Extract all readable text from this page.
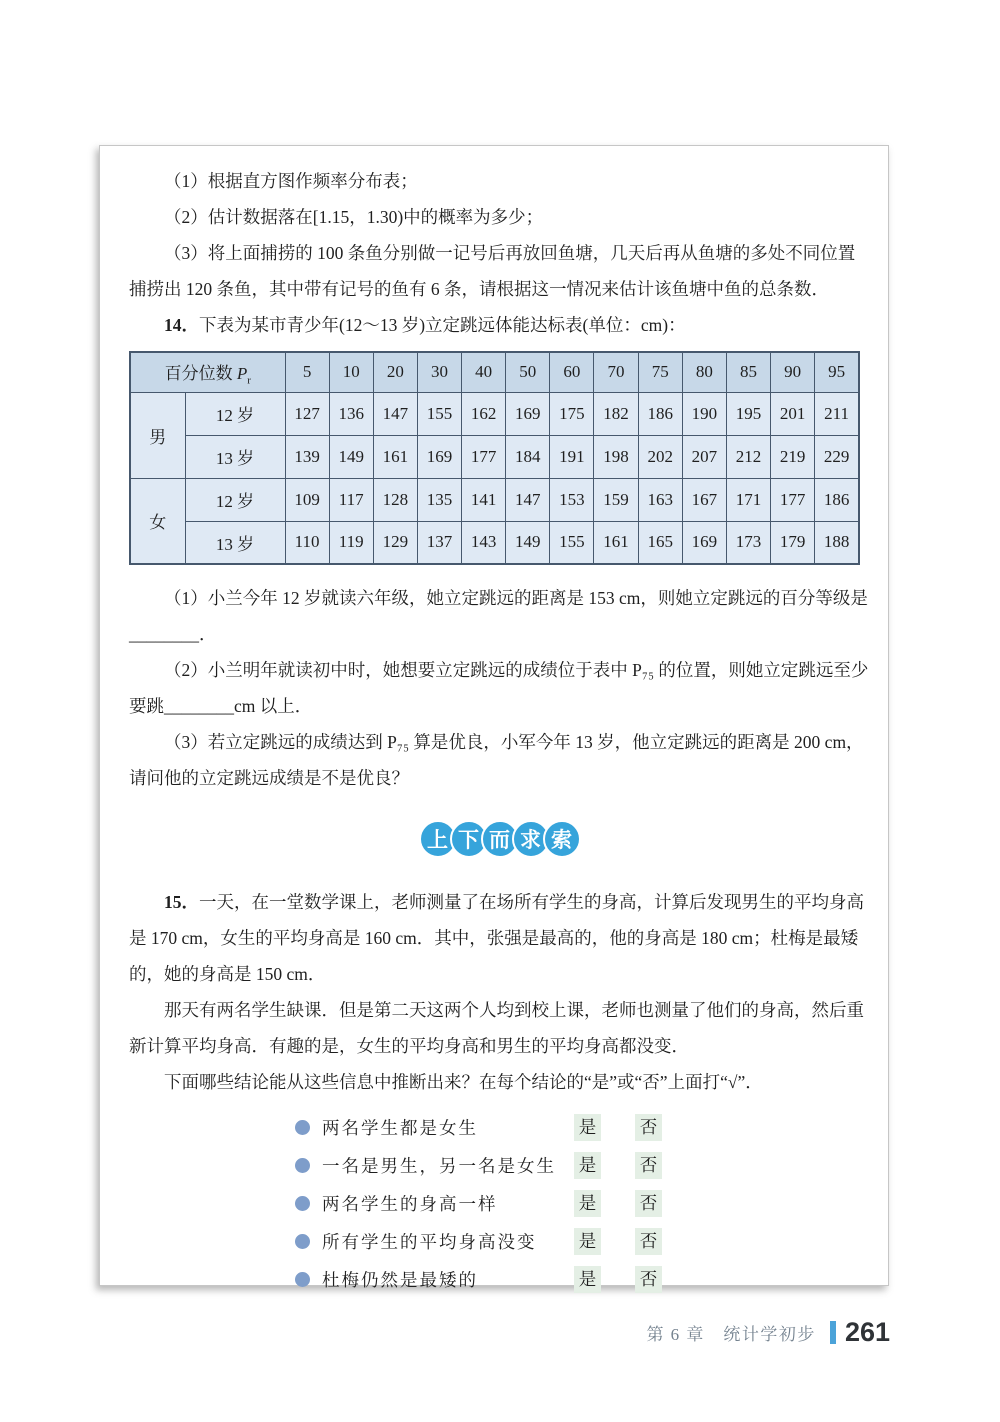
（1）根据直方图作频率分布表；

（2）估计数据落在[1.15，1.30)中的概率为多少；

（3）将上面捕捞的 100 条鱼分别做一记号后再放回鱼塘，几天后再从鱼塘的多处不同位置捕捞出 120 条鱼，其中带有记号的鱼有 6 条，请根据这一情况来估计该鱼塘中鱼的总条数．

14．下表为某市青少年(12～13 岁)立定跳远体能达标表(单位：cm)：

百分位数 $P_r$		5	10	20	30	40	50	60	70	75	80	85	90	95
男	12 岁	127	136	147	155	162	169	175	182	186	190	195	201	211
	13 岁	139	149	161	169	177	184	191	198	202	207	212	219	229
女	12 岁	109	117	128	135	141	147	153	159	163	167	171	177	186
	13 岁	110	119	129	137	143	149	155	161	165	169	173	179	188

（1）小兰今年 12 岁就读六年级，她立定跳远的距离是 153 cm，则她立定跳远的百分等级是________．

（2）小兰明年就读初中时，她想要立定跳远的成绩位于表中 P₇₅ 的位置，则她立定跳远至少要跳________cm 以上．

（3）若立定跳远的成绩达到 P₇₅ 算是优良，小军今年 13 岁，他立定跳远的距离是 200 cm，请问他的立定跳远成绩是不是优良？

上 下 而 求 索

15．一天，在一堂数学课上，老师测量了在场所有学生的身高，计算后发现男生的平均身高是 170 cm，女生的平均身高是 160 cm．其中，张强是最高的，他的身高是 180 cm；杜梅是最矮的，她的身高是 150 cm．

那天有两名学生缺课．但是第二天这两个人均到校上课，老师也测量了他们的身高，然后重新计算平均身高．有趣的是，女生的平均身高和男生的平均身高都没变．

下面哪些结论能从这些信息中推断出来？在每个结论的“是”或“否”上面打“√”．

两名学生都是女生	是 否
一名是男生，另一名是女生	是 否
两名学生的身高一样	是 否
所有学生的平均身高没变	是 否
杜梅仍然是最矮的	是 否
第 6 章　统计学初步 261
